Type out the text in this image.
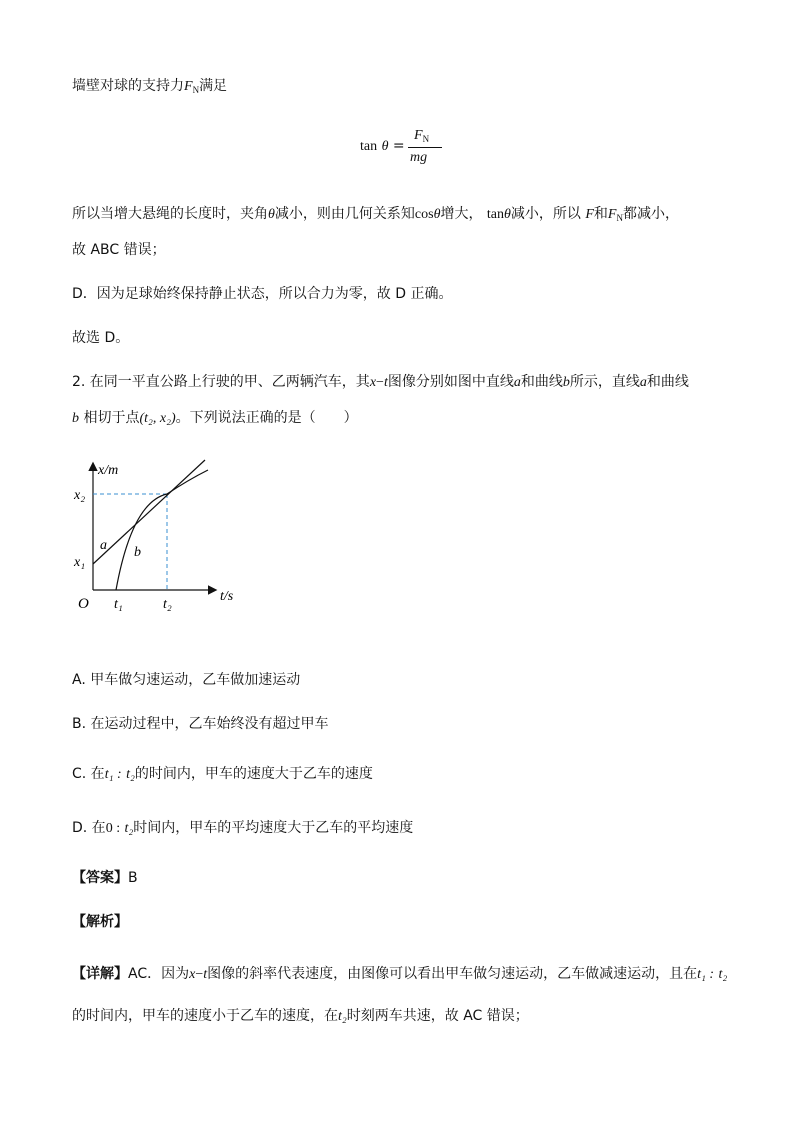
墙壁对球的支持力$F_N$满足
tan θ =
$F_N$
mg
所以当增大悬绳的长度时，夹角θ减小，则由几何关系知cosθ增大， tanθ减小，所以 F和$F_N$都减小，
故 ABC 错误；
D．因为足球始终保持静止状态，所以合力为零，故 D 正确。
故选 D。
2. 在同一平直公路上行驶的甲、乙两辆汽车，其x−t图像分别如图中直线a和曲线b所示，直线a和曲线
b 相切于点(t₂, x₂)。下列说法正确的是（　　）
x/m
t/s
O
x₂
x₁
t₁	t₂
a b
A. 甲车做匀速运动，乙车做加速运动
B. 在运动过程中，乙车始终没有超过甲车
C. 在t₁ : t₂的时间内，甲车的速度大于乙车的速度
D. 在0 : t₂时间内，甲车的平均速度大于乙车的平均速度
【答案】B
【解析】
【详解】AC．因为x−t图像的斜率代表速度，由图像可以看出甲车做匀速运动，乙车做减速运动，且在t₁ : t₂
的时间内，甲车的速度小于乙车的速度，在t₂时刻两车共速，故 AC 错误；
